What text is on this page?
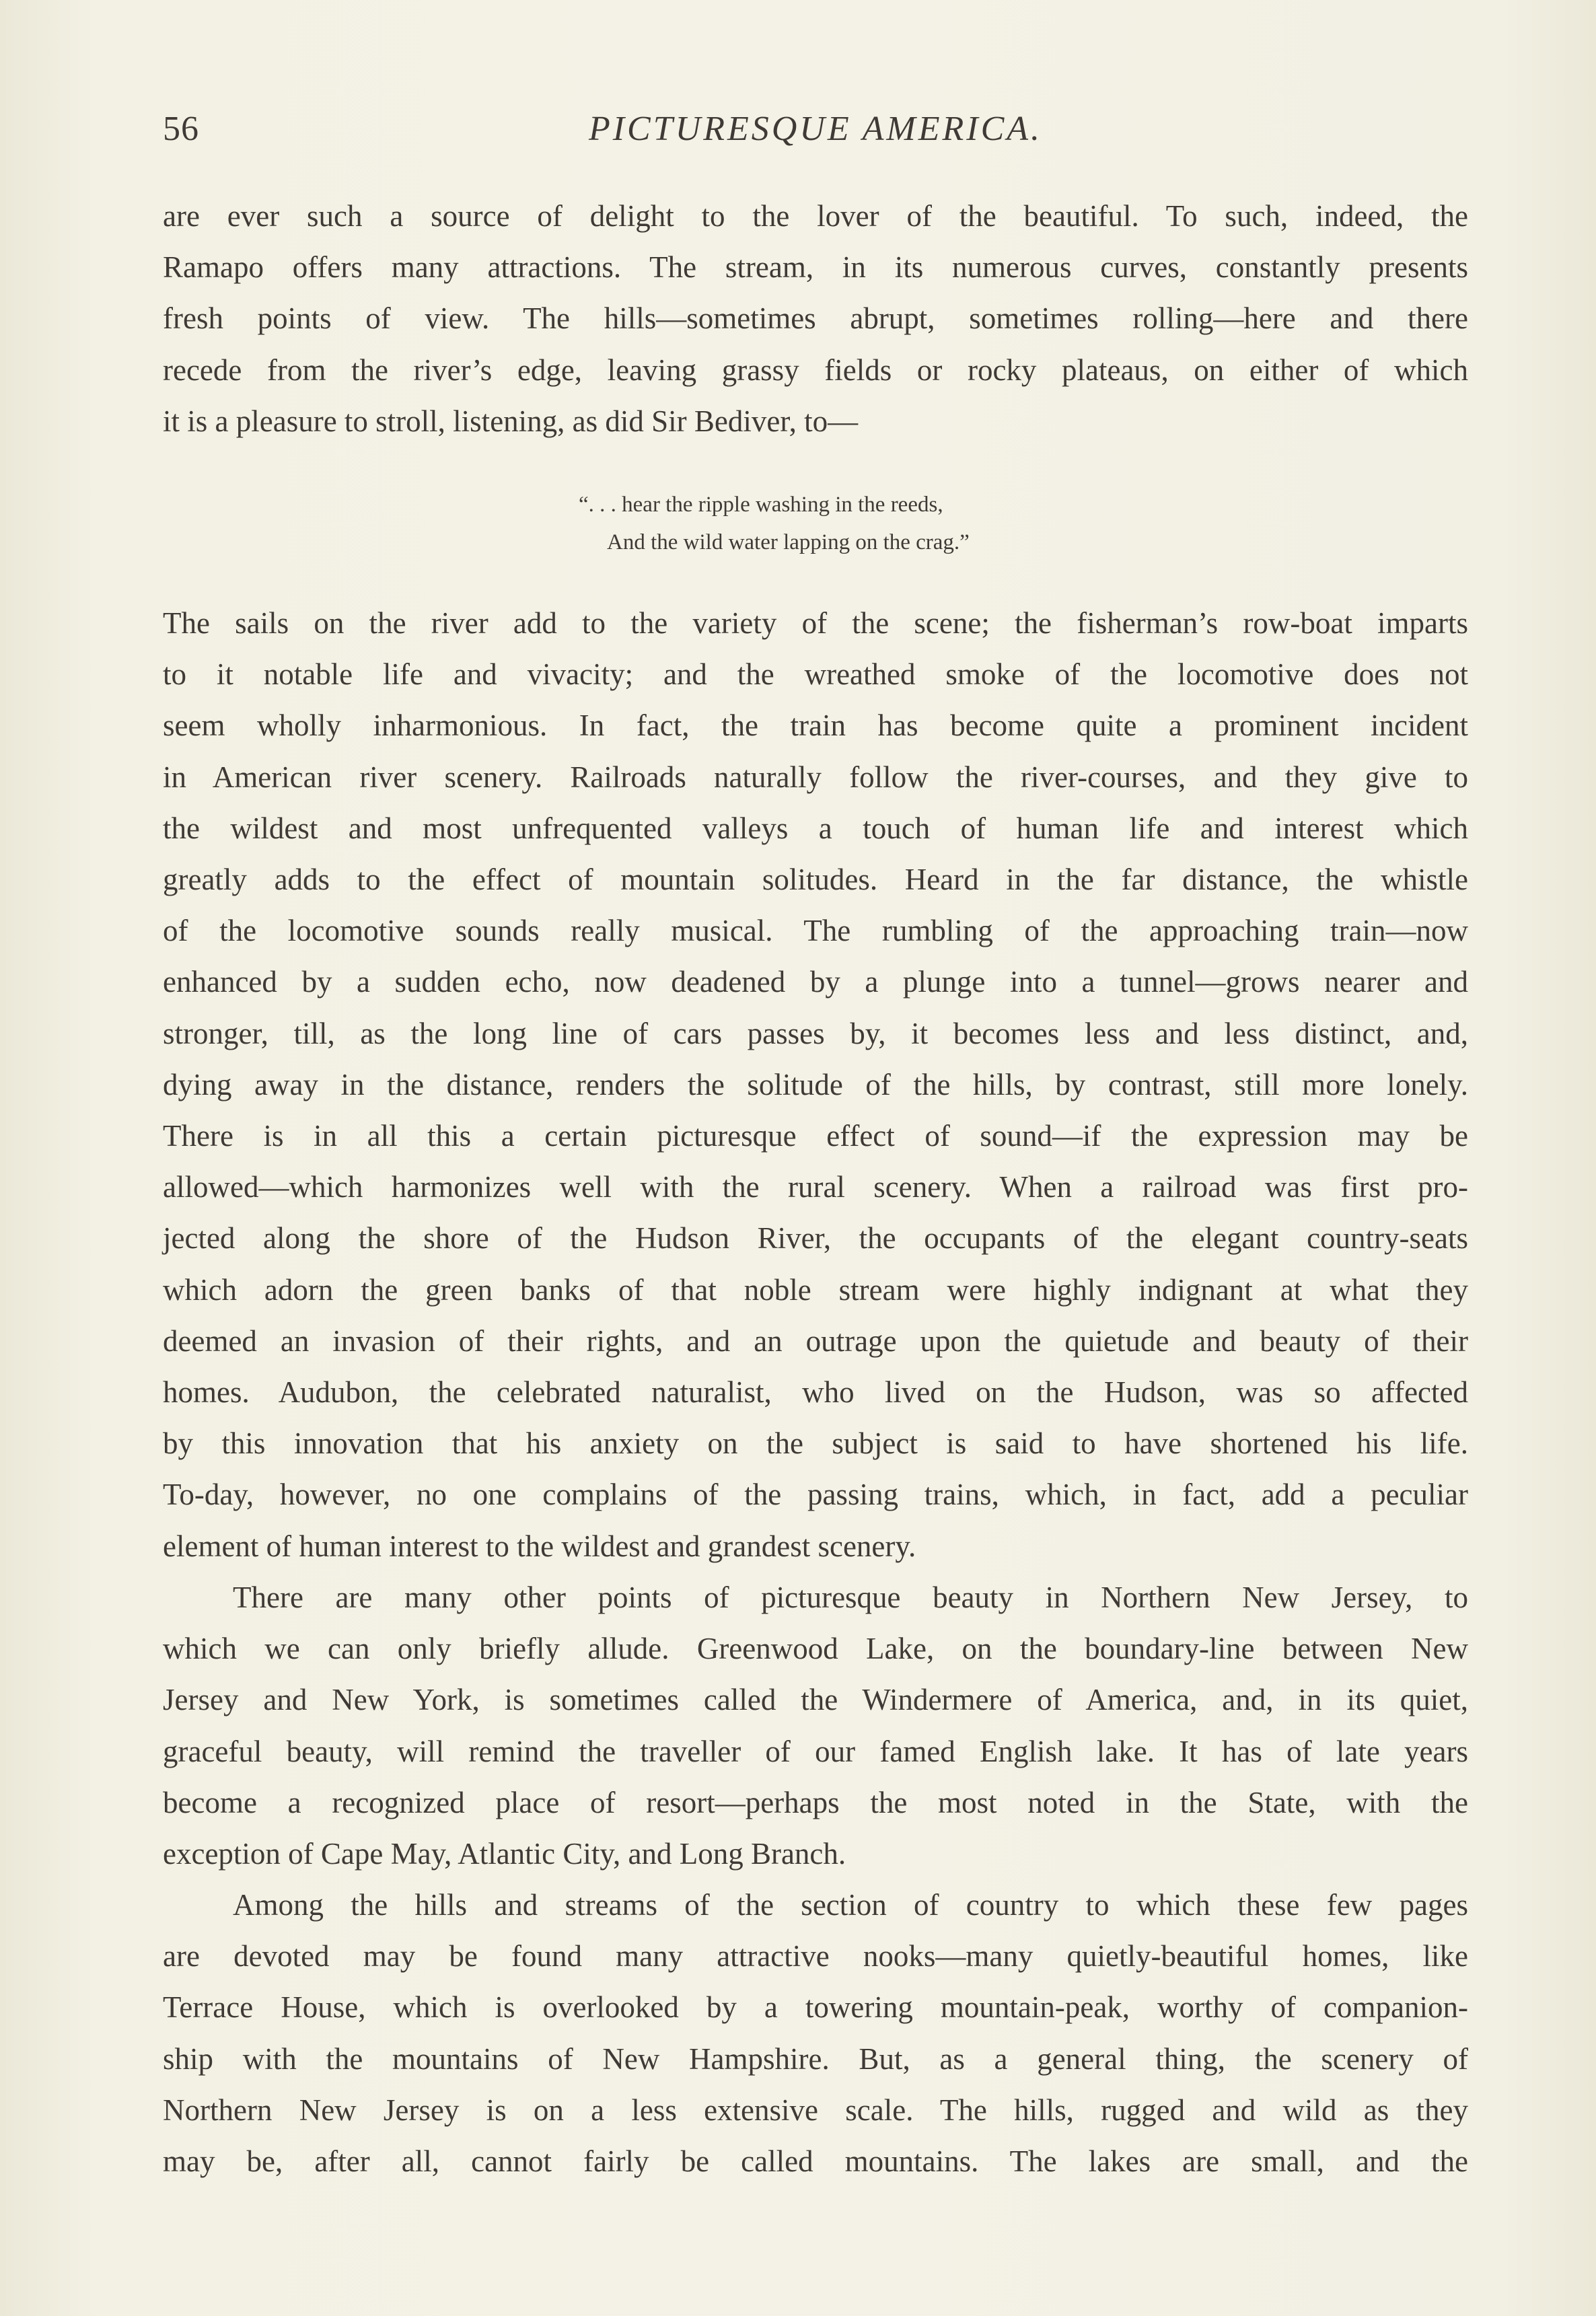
56	PICTURESQUE AMERICA.
are ever such a source of delight to the lover of the beautiful. To such, indeed, the
Ramapo offers many attractions. The stream, in its numerous curves, constantly presents
fresh points of view. The hills—sometimes abrupt, sometimes rolling—here and there
recede from the river’s edge, leaving grassy fields or rocky plateaus, on either of which
it is a pleasure to stroll, listening, as did Sir Bediver, to—
“. . . hear the ripple washing in the reeds,
And the wild water lapping on the crag.”
The sails on the river add to the variety of the scene; the fisherman’s row-boat imparts
to it notable life and vivacity; and the wreathed smoke of the locomotive does not
seem wholly inharmonious. In fact, the train has become quite a prominent incident
in American river scenery. Railroads naturally follow the river-courses, and they give to
the wildest and most unfrequented valleys a touch of human life and interest which
greatly adds to the effect of mountain solitudes. Heard in the far distance, the whistle
of the locomotive sounds really musical. The rumbling of the approaching train—now
enhanced by a sudden echo, now deadened by a plunge into a tunnel—grows nearer and
stronger, till, as the long line of cars passes by, it becomes less and less distinct, and,
dying away in the distance, renders the solitude of the hills, by contrast, still more lonely.
There is in all this a certain picturesque effect of sound—if the expression may be
allowed—which harmonizes well with the rural scenery. When a railroad was first pro-
jected along the shore of the Hudson River, the occupants of the elegant country-seats
which adorn the green banks of that noble stream were highly indignant at what they
deemed an invasion of their rights, and an outrage upon the quietude and beauty of their
homes. Audubon, the celebrated naturalist, who lived on the Hudson, was so affected
by this innovation that his anxiety on the subject is said to have shortened his life.
To-day, however, no one complains of the passing trains, which, in fact, add a peculiar
element of human interest to the wildest and grandest scenery.
There are many other points of picturesque beauty in Northern New Jersey, to
which we can only briefly allude. Greenwood Lake, on the boundary-line between New
Jersey and New York, is sometimes called the Windermere of America, and, in its quiet,
graceful beauty, will remind the traveller of our famed English lake. It has of late years
become a recognized place of resort—perhaps the most noted in the State, with the
exception of Cape May, Atlantic City, and Long Branch.
Among the hills and streams of the section of country to which these few pages
are devoted may be found many attractive nooks—many quietly-beautiful homes, like
Terrace House, which is overlooked by a towering mountain-peak, worthy of companion-
ship with the mountains of New Hampshire. But, as a general thing, the scenery of
Northern New Jersey is on a less extensive scale. The hills, rugged and wild as they
may be, after all, cannot fairly be called mountains. The lakes are small, and the
